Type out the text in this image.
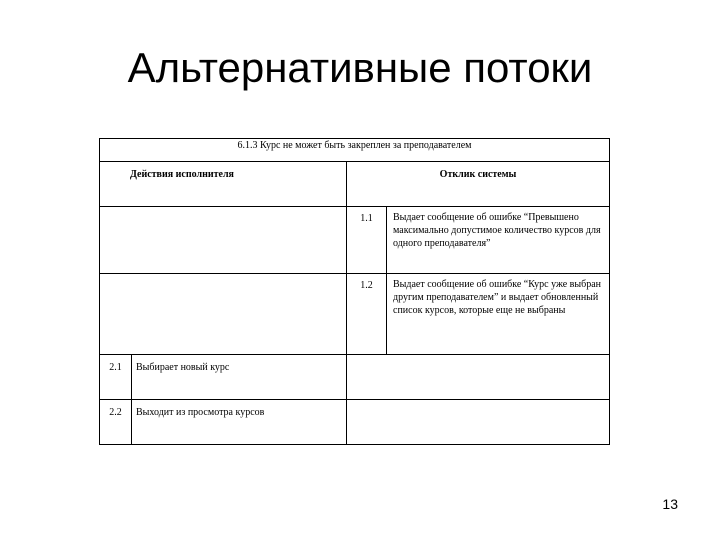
Альтернативные потоки
6.1.3 Курс не может быть закреплен за преподавателем			

Действия исполнителя		Отклик системы	

		1.1	Выдает сообщение об ошибке “Превышено максимально допустимое количество курсов для одного преподавателя”

		1.2	Выдает сообщение об ошибке “Курс уже выбран другим преподавателем” и выдает обновленный список курсов, которые еще не выбраны

2.1	Выбирает новый курс		

2.2	Выходит из просмотра курсов		

13
